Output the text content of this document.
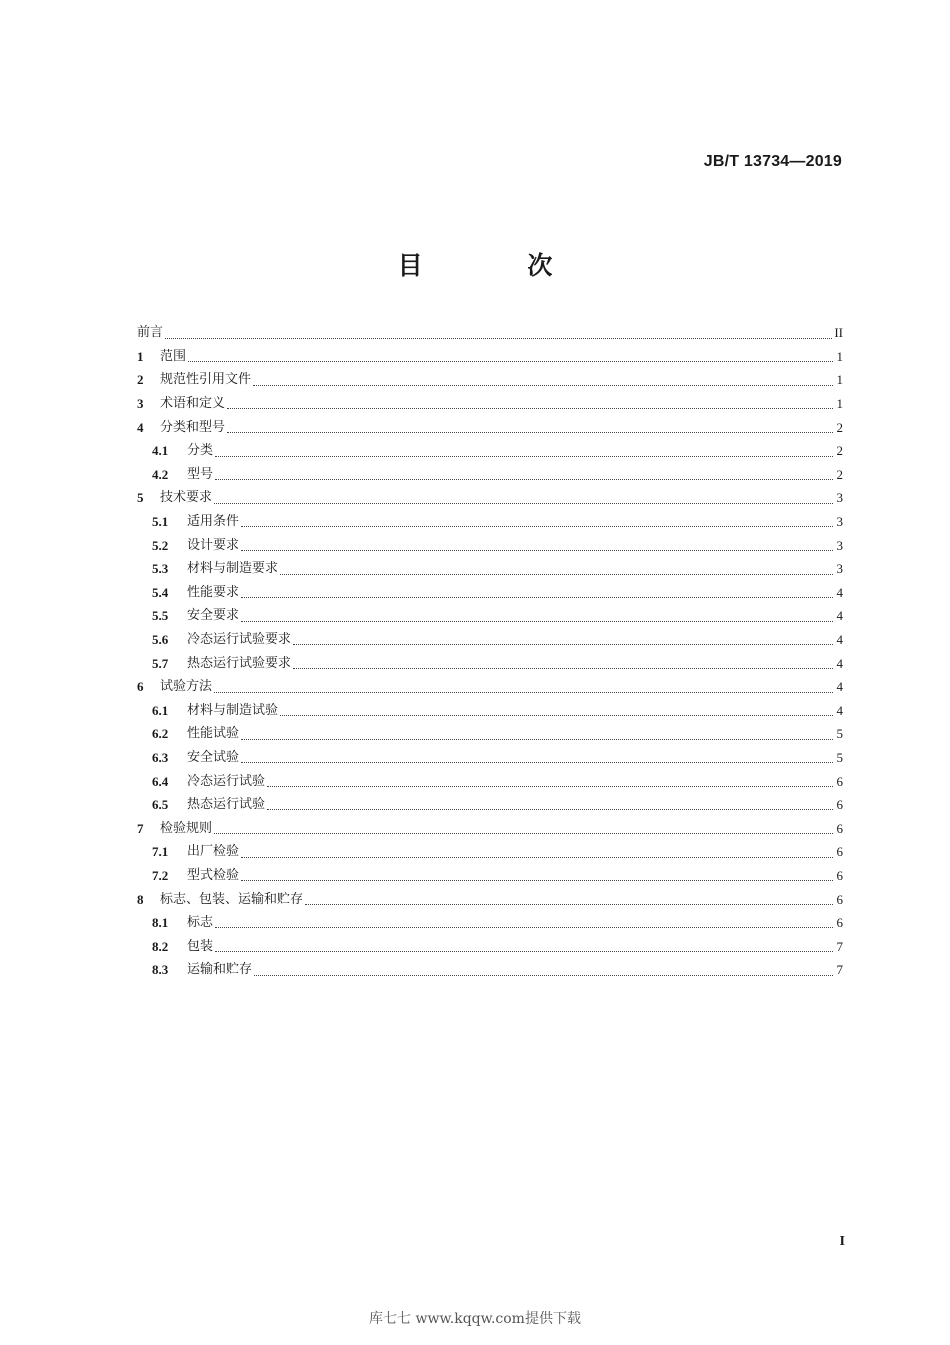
JB/T 13734—2019
目 次
前言	II
1	范围	1
2	规范性引用文件	1
3	术语和定义	1
4	分类和型号	2
4.1	分类	2
4.2	型号	2
5	技术要求	3
5.1	适用条件	3
5.2	设计要求	3
5.3	材料与制造要求	3
5.4	性能要求	4
5.5	安全要求	4
5.6	冷态运行试验要求	4
5.7	热态运行试验要求	4
6	试验方法	4
6.1	材料与制造试验	4
6.2	性能试验	5
6.3	安全试验	5
6.4	冷态运行试验	6
6.5	热态运行试验	6
7	检验规则	6
7.1	出厂检验	6
7.2	型式检验	6
8	标志、包装、运输和贮存	6
8.1	标志	6
8.2	包装	7
8.3	运输和贮存	7
I
库七七 www.kqqw.com提供下载
